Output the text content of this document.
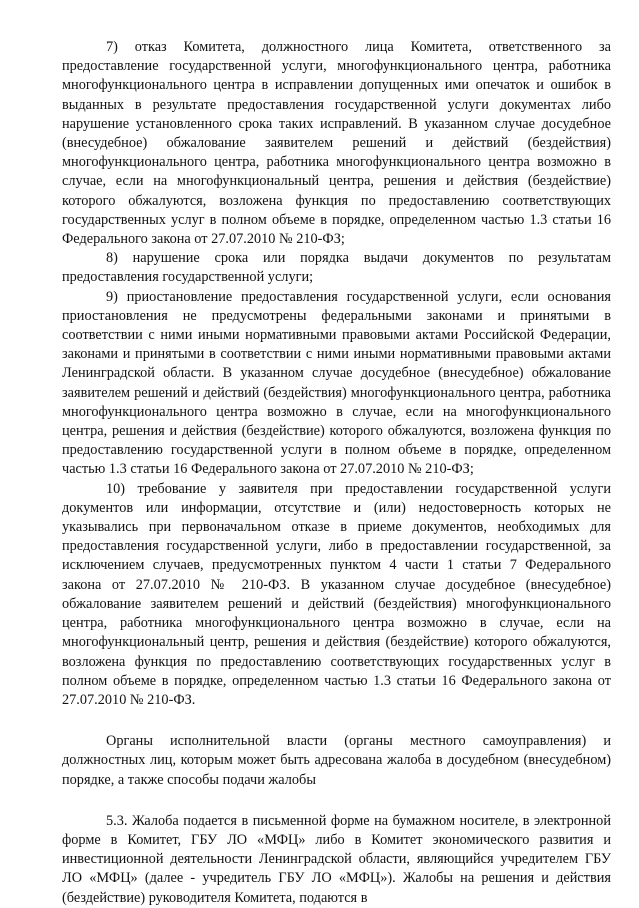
7) отказ Комитета, должностного лица Комитета, ответственного за предоставление государственной услуги, многофункционального центра, работника многофункционального центра в исправлении допущенных ими опечаток и ошибок в выданных в результате предоставления государственной услуги документах либо нарушение установленного срока таких исправлений. В указанном случае досудебное (внесудебное) обжалование заявителем решений и действий (бездействия) многофункционального центра, работника многофункционального центра возможно в случае, если на многофункциональный центра, решения и действия (бездействие) которого обжалуются, возложена функция по предоставлению соответствующих государственных услуг в полном объеме в порядке, определенном частью 1.3 статьи 16 Федерального закона от 27.07.2010 № 210-ФЗ;

8) нарушение срока или порядка выдачи документов по результатам предоставления государственной услуги;

9) приостановление предоставления государственной услуги, если основания приостановления не предусмотрены федеральными законами и принятыми в соответствии с ними иными нормативными правовыми актами Российской Федерации, законами и принятыми в соответствии с ними иными нормативными правовыми актами Ленинградской области. В указанном случае досудебное (внесудебное) обжалование заявителем решений и действий (бездействия) многофункционального центра, работника многофункционального центра возможно в случае, если на многофункционального центра, решения и действия (бездействие) которого обжалуются, возложена функция по предоставлению государственной услуги в полном объеме в порядке, определенном частью 1.3 статьи 16 Федерального закона от 27.07.2010 № 210-ФЗ;

10) требование у заявителя при предоставлении государственной услуги документов или информации, отсутствие и (или) недостоверность которых не указывались при первоначальном отказе в приеме документов, необходимых для предоставления государственной услуги, либо в предоставлении государственной, за исключением случаев, предусмотренных пунктом 4 части 1 статьи 7 Федерального закона от 27.07.2010 № 210-ФЗ. В указанном случае досудебное (внесудебное) обжалование заявителем решений и действий (бездействия) многофункционального центра, работника многофункционального центра возможно в случае, если на многофункциональный центр, решения и действия (бездействие) которого обжалуются, возложена функция по предоставлению соответствующих государственных услуг в полном объеме в порядке, определенном частью 1.3 статьи 16 Федерального закона от 27.07.2010 № 210-ФЗ.

Органы исполнительной власти (органы местного самоуправления) и должностных лиц, которым может быть адресована жалоба в досудебном (внесудебном) порядке, а также способы подачи жалобы

5.3. Жалоба подается в письменной форме на бумажном носителе, в электронной форме в Комитет, ГБУ ЛО «МФЦ» либо в Комитет экономического развития и инвестиционной деятельности Ленинградской области, являющийся учредителем ГБУ ЛО «МФЦ» (далее - учредитель ГБУ ЛО «МФЦ»). Жалобы на решения и действия (бездействие) руководителя Комитета, подаются в
